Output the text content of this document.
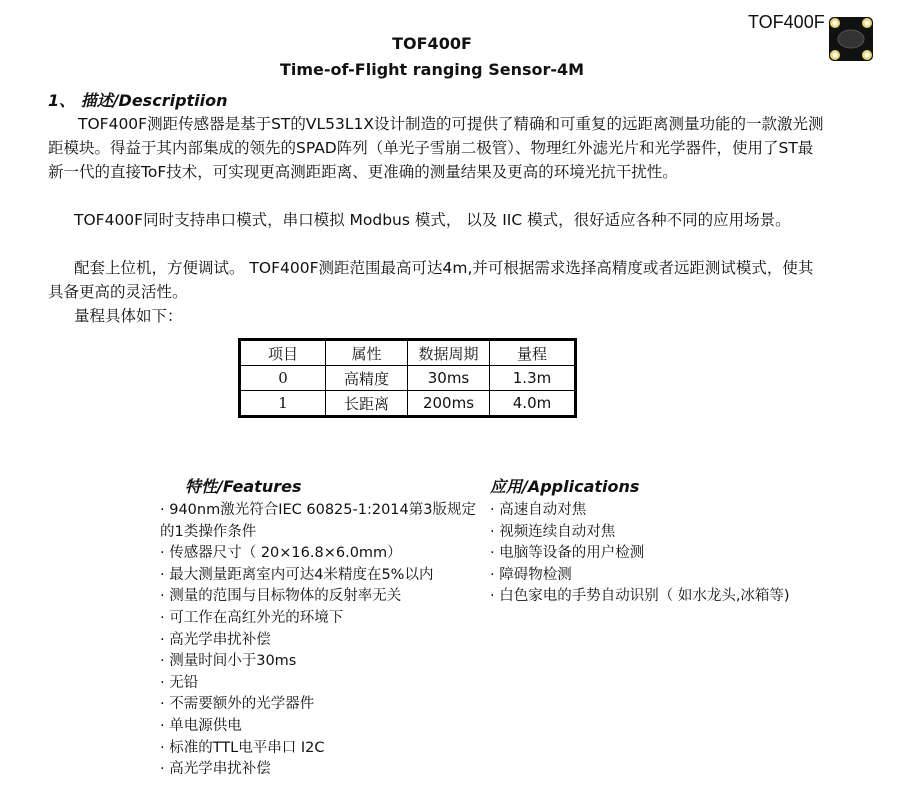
TOF400F
TOF400F
Time-of-Flight ranging Sensor-4M
1、 描述/Descriptiion
TOF400F测距传感器是基于ST的VL53L1X设计制造的可提供了精确和可重复的远距离测量功能的一款激光测距模块。得益于其内部集成的领先的SPAD阵列（单光子雪崩二极管）、物理红外滤光片和光学器件，使用了ST最新一代的直接ToF技术，可实现更高测距距离、更准确的测量结果及更高的环境光抗干扰性。
TOF400F同时支持串口模式，串口模拟 Modbus 模式， 以及 IIC 模式，很好适应各种不同的应用场景。
配套上位机，方便调试。 TOF400F测距范围最高可达4m,并可根据需求选择高精度或者远距测试模式，使其具备更高的灵活性。
量程具体如下：
项目	属性	数据周期	量程
0	高精度	30ms	1.3m
1	长距离	200ms	4.0m
特性/Features
· 940nm激光符合IEC 60825-1:2014第3版规定的1类操作条件
· 传感器尺寸（ 20×16.8×6.0mm）
· 最大测量距离室内可达4米精度在5%以内
· 测量的范围与目标物体的反射率无关
· 可工作在高红外光的环境下
· 高光学串扰补偿
· 测量时间小于30ms
· 无铅
· 不需要额外的光学器件
· 单电源供电
· 标准的TTL电平串口 I2C
· 高光学串扰补偿
应用/Applications
· 高速自动对焦
· 视频连续自动对焦
· 电脑等设备的用户检测
· 障碍物检测
· 白色家电的手势自动识别（ 如水龙头,冰箱等)
